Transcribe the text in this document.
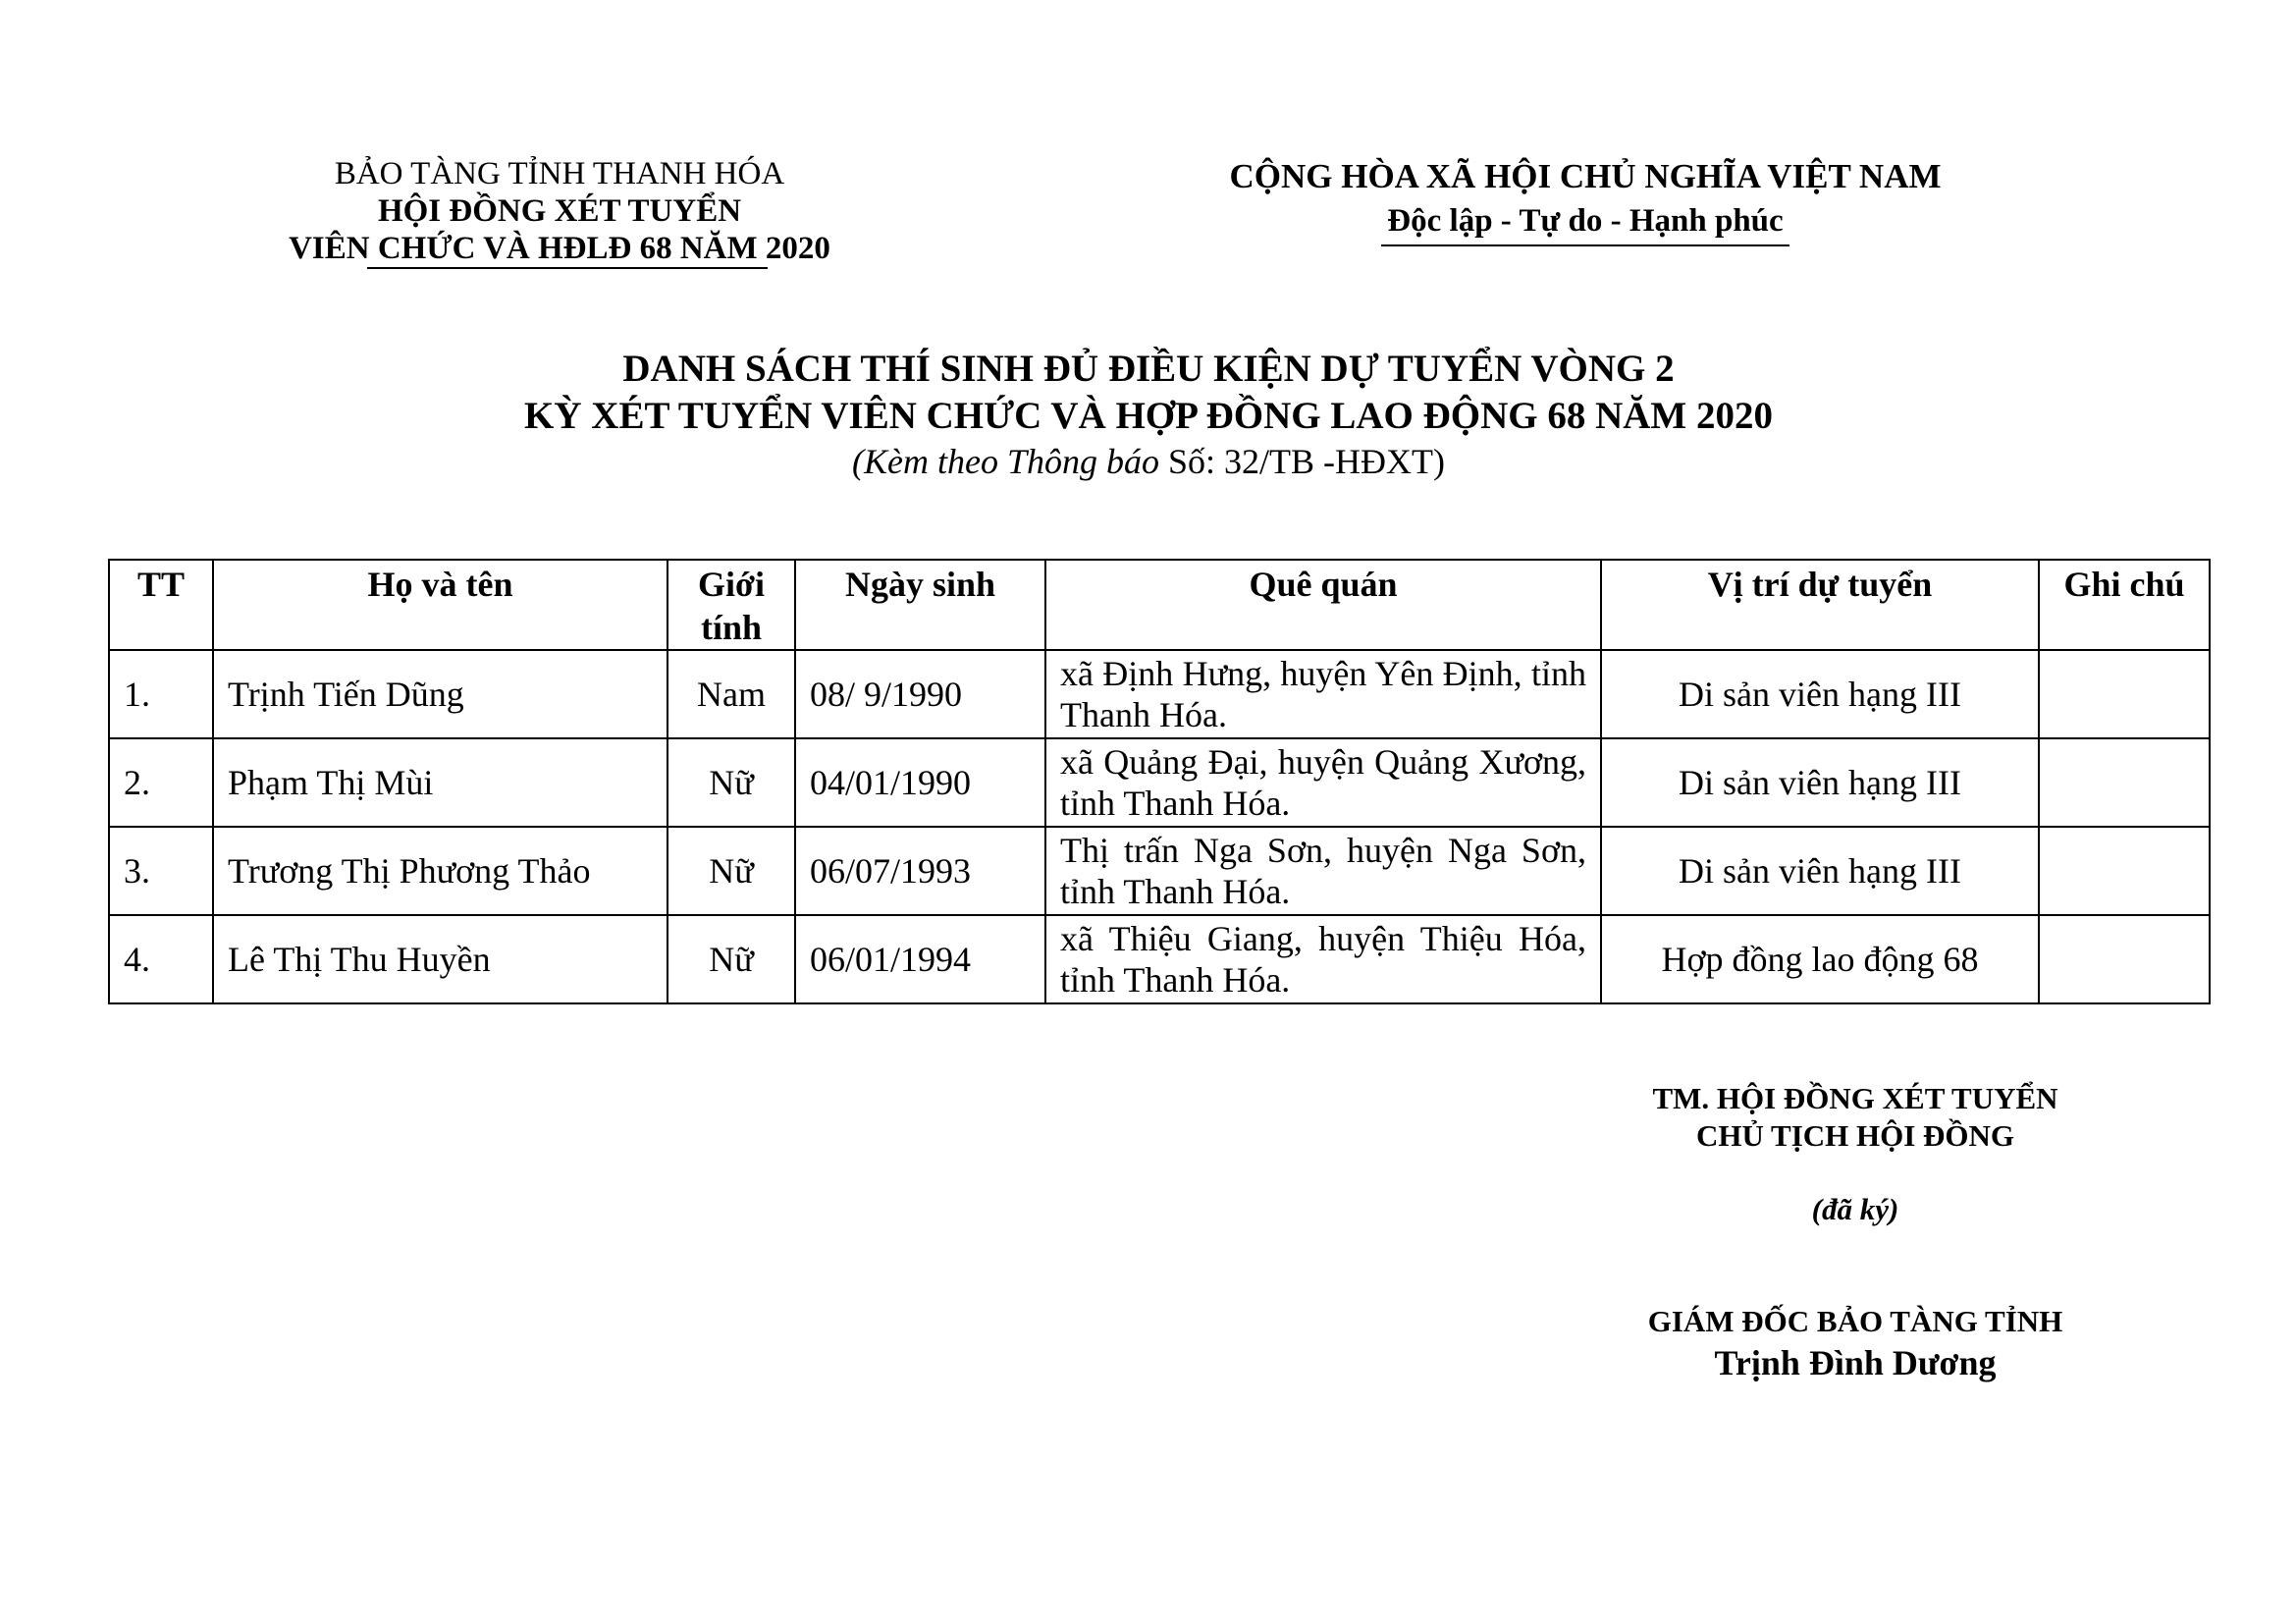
BẢO TÀNG TỈNH THANH HÓA
HỘI ĐỒNG XÉT TUYỂN
VIÊN CHỨC VÀ HĐLĐ 68 NĂM 2020
CỘNG HÒA XÃ HỘI CHỦ NGHĨA VIỆT NAM
Độc lập - Tự do - Hạnh phúc
DANH SÁCH THÍ SINH ĐỦ ĐIỀU KIỆN DỰ TUYỂN VÒNG 2
KỲ XÉT TUYỂN VIÊN CHỨC VÀ HỢP ĐỒNG LAO ĐỘNG 68 NĂM 2020
(Kèm theo Thông báo Số: 32/TB -HĐXT)
TT	Họ và tên	Giới tính	Ngày sinh	Quê quán	Vị trí dự tuyển	Ghi chú
1.	Trịnh Tiến Dũng	Nam	08/ 9/1990	xã Định Hưng, huyện Yên Định, tỉnh Thanh Hóa.	Di sản viên hạng III	
2.	Phạm Thị Mùi	Nữ	04/01/1990	xã Quảng Đại, huyện Quảng Xương, tỉnh Thanh Hóa.	Di sản viên hạng III	
3.	Trương Thị Phương Thảo	Nữ	06/07/1993	Thị trấn Nga Sơn, huyện Nga Sơn, tỉnh Thanh Hóa.	Di sản viên hạng III	
4.	Lê Thị Thu Huyền	Nữ	06/01/1994	xã Thiệu Giang, huyện Thiệu Hóa, tỉnh Thanh Hóa.	Hợp đồng lao động 68	
TM. HỘI ĐỒNG XÉT TUYỂN
CHỦ TỊCH HỘI ĐỒNG
(đã ký)
GIÁM ĐỐC BẢO TÀNG TỈNH
Trịnh Đình Dương
